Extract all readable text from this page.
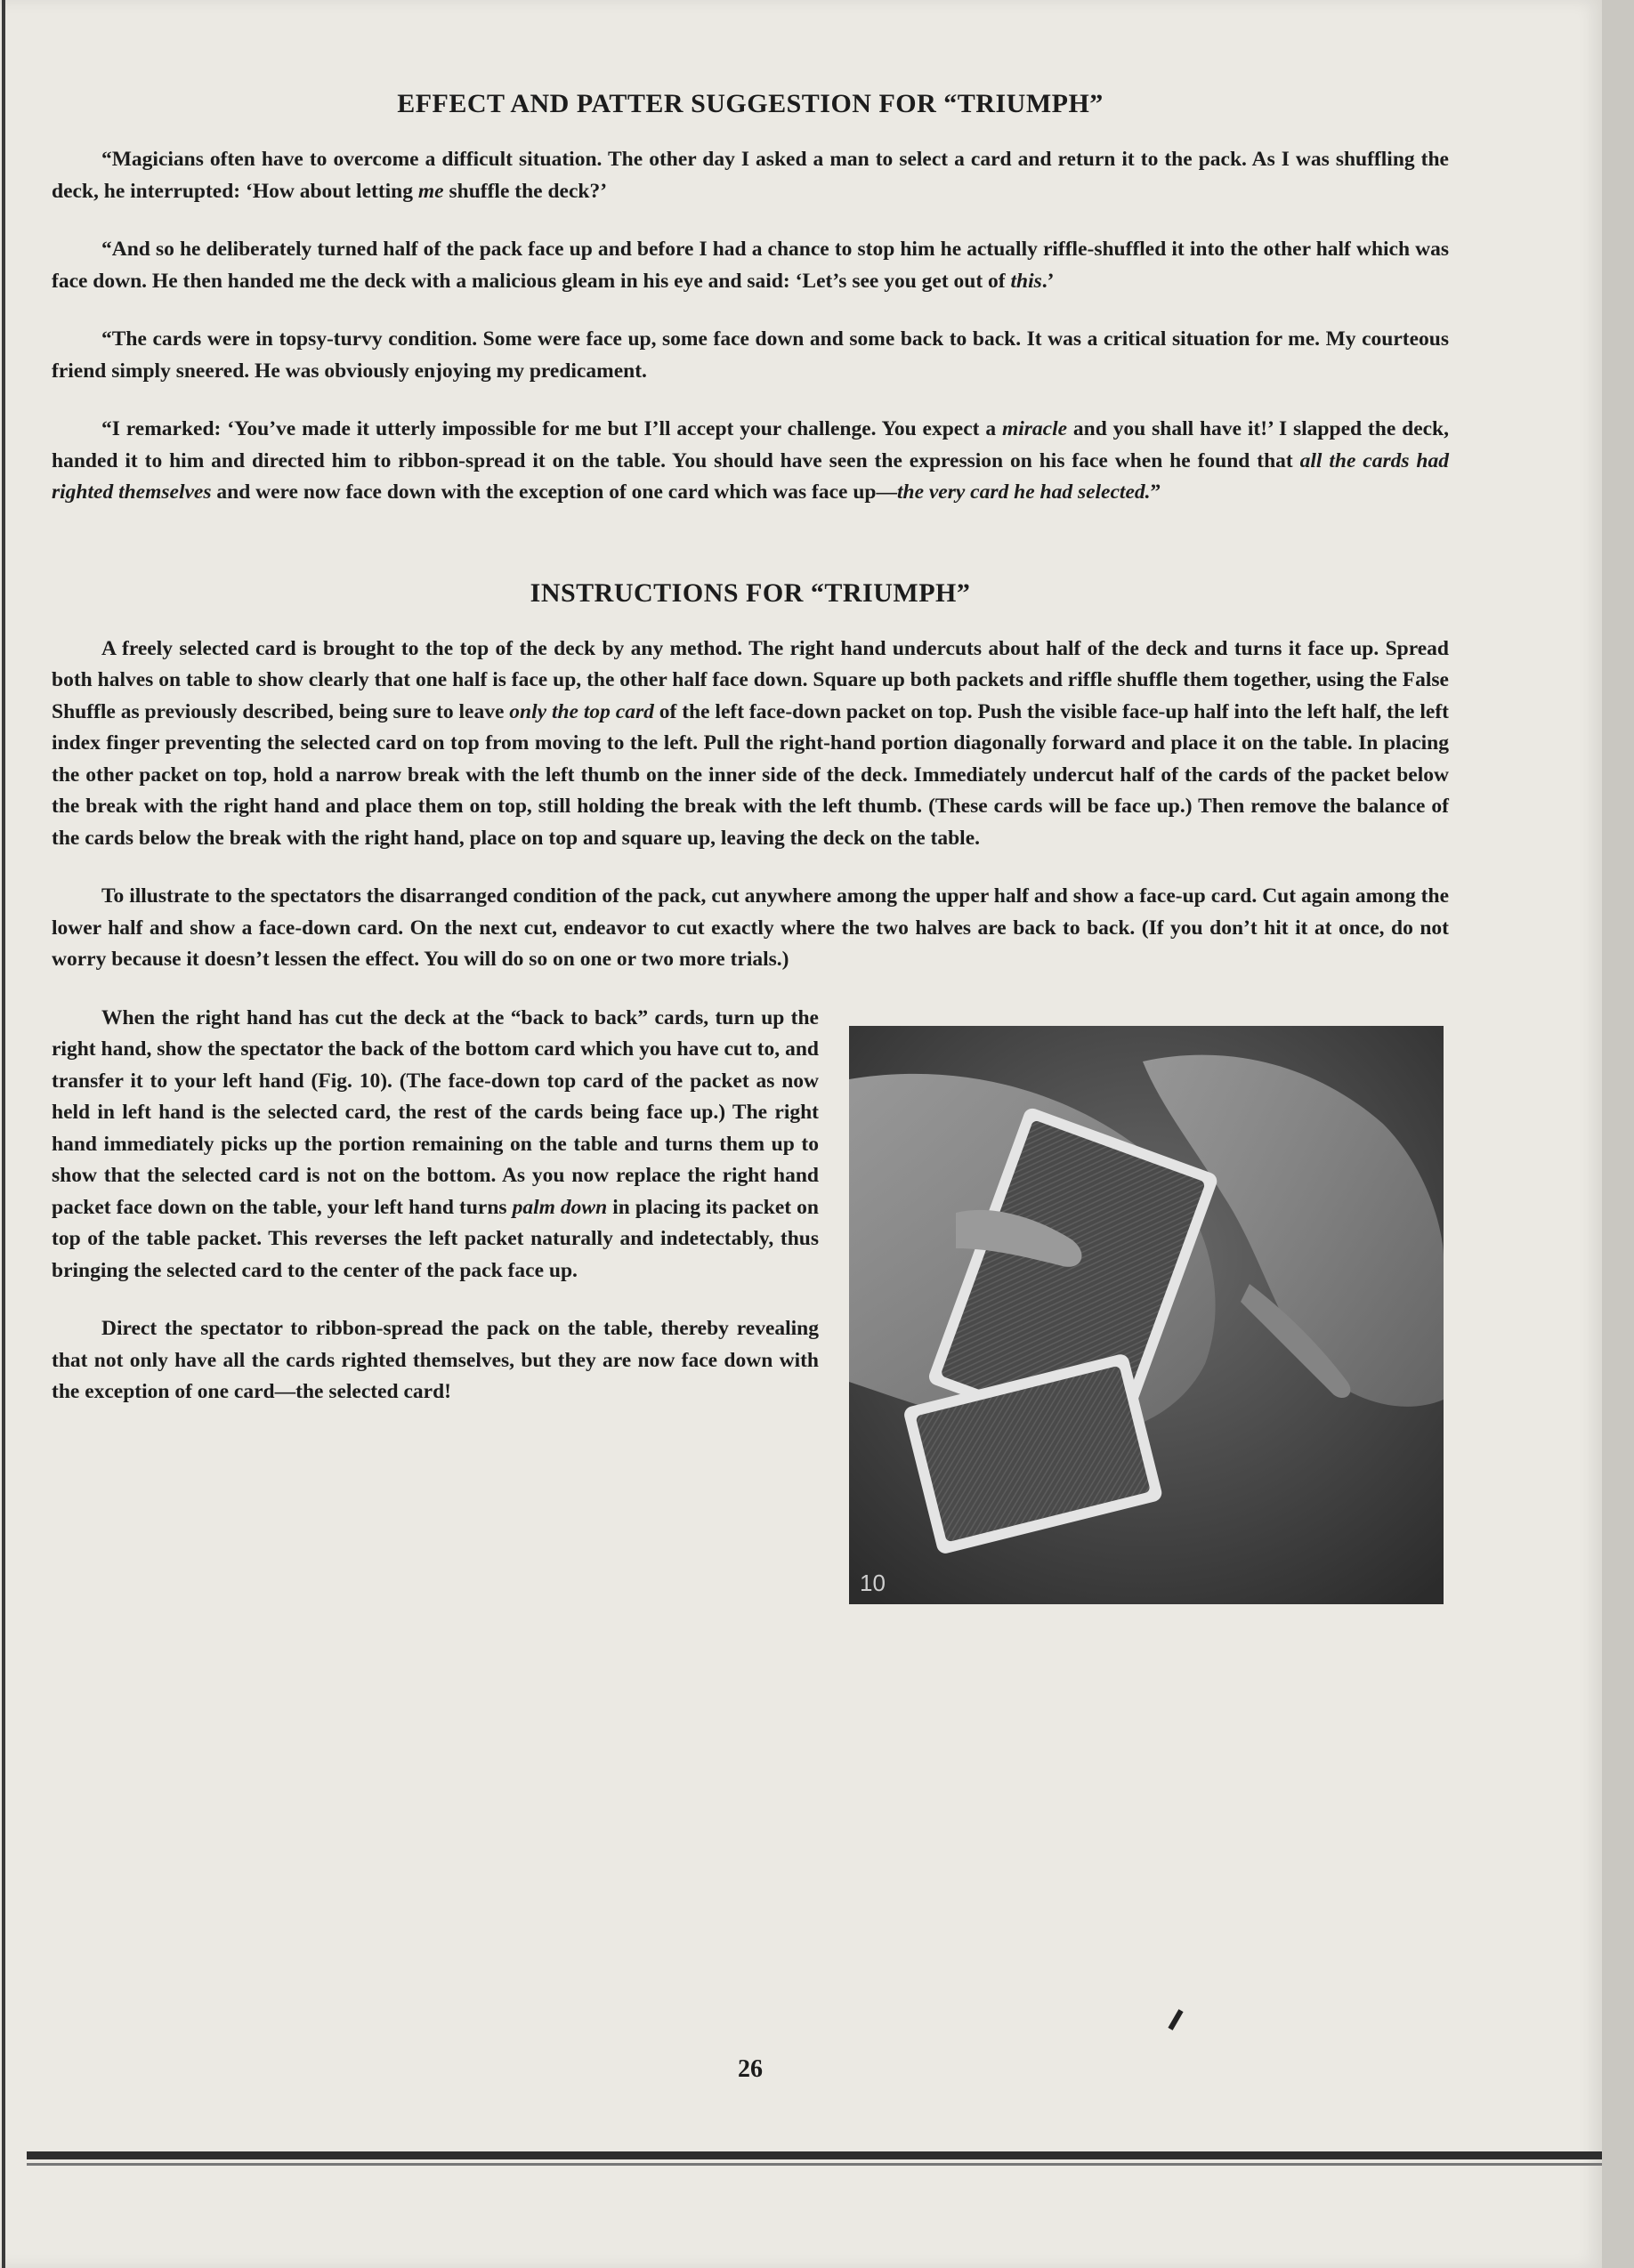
EFFECT AND PATTER SUGGESTION FOR “TRIUMPH”

“Magicians often have to overcome a difficult situation. The other day I asked a man to select a card and return it to the pack. As I was shuffling the deck, he interrupted: ‘How about letting me shuffle the deck?’

“And so he deliberately turned half of the pack face up and before I had a chance to stop him he actually riffle-shuffled it into the other half which was face down. He then handed me the deck with a malicious gleam in his eye and said: ‘Let’s see you get out of this.’

“The cards were in topsy-turvy condition. Some were face up, some face down and some back to back. It was a critical situation for me. My courteous friend simply sneered. He was obviously enjoying my predicament.

“I remarked: ‘You’ve made it utterly impossible for me but I’ll accept your challenge. You expect a miracle and you shall have it!’ I slapped the deck, handed it to him and directed him to ribbon-spread it on the table. You should have seen the expression on his face when he found that all the cards had righted themselves and were now face down with the exception of one card which was face up—the very card he had selected.”

INSTRUCTIONS FOR “TRIUMPH”

A freely selected card is brought to the top of the deck by any method. The right hand undercuts about half of the deck and turns it face up. Spread both halves on table to show clearly that one half is face up, the other half face down. Square up both packets and riffle shuffle them together, using the False Shuffle as previously described, being sure to leave only the top card of the left face-down packet on top. Push the visible face-up half into the left half, the left index finger preventing the selected card on top from moving to the left. Pull the right-hand portion diagonally forward and place it on the table. In placing the other packet on top, hold a narrow break with the left thumb on the inner side of the deck. Immediately undercut half of the cards of the packet below the break with the right hand and place them on top, still holding the break with the left thumb. (These cards will be face up.) Then remove the balance of the cards below the break with the right hand, place on top and square up, leaving the deck on the table.

To illustrate to the spectators the disarranged condition of the pack, cut anywhere among the upper half and show a face-up card. Cut again among the lower half and show a face-down card. On the next cut, endeavor to cut exactly where the two halves are back to back. (If you don’t hit it at once, do not worry because it doesn’t lessen the effect. You will do so on one or two more trials.)

10

When the right hand has cut the deck at the “back to back” cards, turn up the right hand, show the spectator the back of the bottom card which you have cut to, and transfer it to your left hand (Fig. 10). (The face-down top card of the packet as now held in left hand is the selected card, the rest of the cards being face up.) The right hand immediately picks up the portion remaining on the table and turns them up to show that the selected card is not on the bottom. As you now replace the right hand packet face down on the table, your left hand turns palm down in placing its packet on top of the table packet. This reverses the left packet naturally and indetectably, thus bringing the selected card to the center of the pack face up.

Direct the spectator to ribbon-spread the pack on the table, thereby revealing that not only have all the cards righted themselves, but they are now face down with the exception of one card—the selected card!

26
